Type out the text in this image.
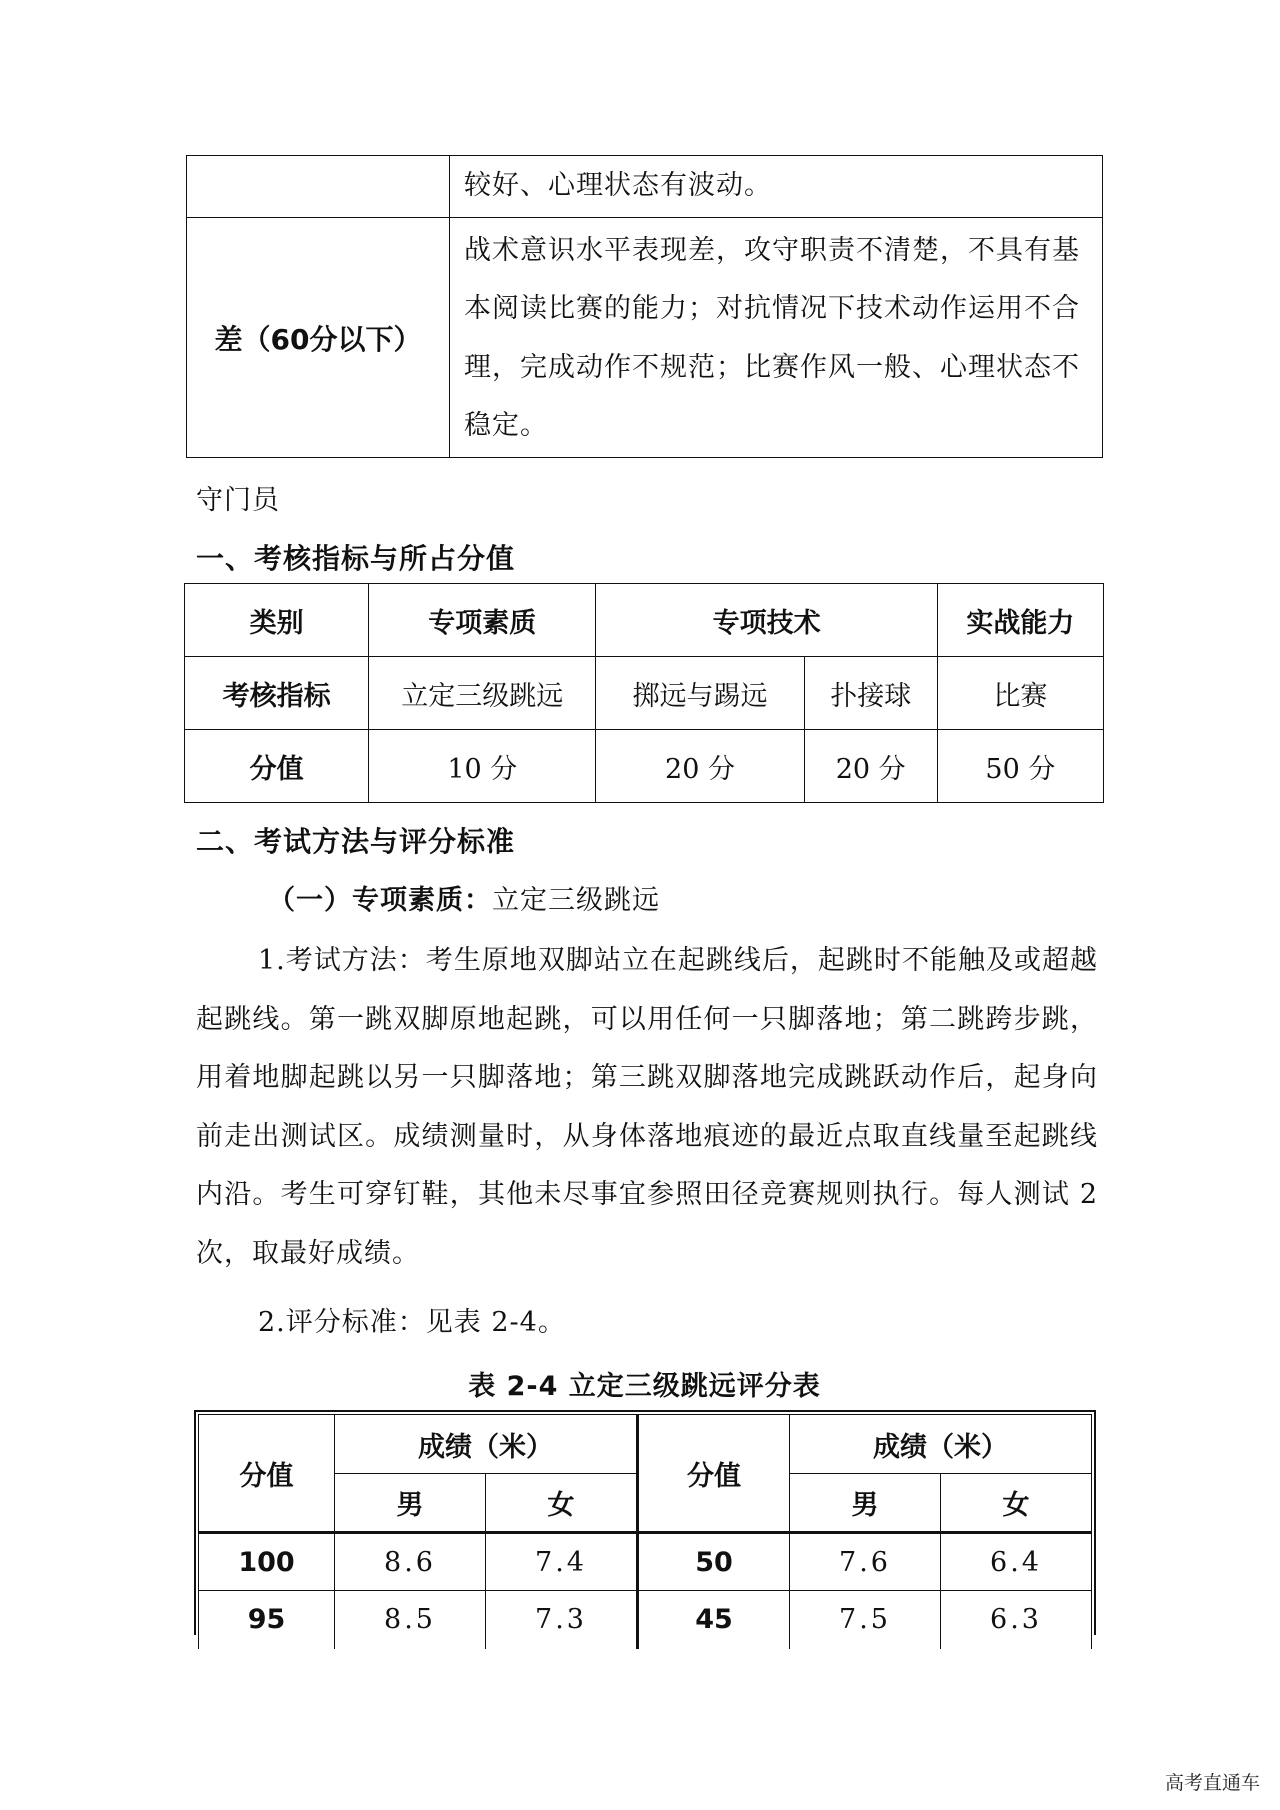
	较好、心理状态有波动。

差（60分以下）	战术意识水平表现差，攻守职责不清楚，不具有基本阅读比赛的能力；对抗情况下技术动作运用不合理，完成动作不规范；比赛作风一般、心理状态不稳定。
守门员
一、考核指标与所占分值
类别	专项素质	专项技术		实战能力
考核指标	立定三级跳远	掷远与踢远	扑接球	比赛
分值	10 分	20 分	20 分	50 分
二、考试方法与评分标准
（一）专项素质：立定三级跳远
1.考试方法：考生原地双脚站立在起跳线后，起跳时不能触及或超越起跳线。第一跳双脚原地起跳，可以用任何一只脚落地；第二跳跨步跳，用着地脚起跳以另一只脚落地；第三跳双脚落地完成跳跃动作后，起身向前走出测试区。成绩测量时，从身体落地痕迹的最近点取直线量至起跳线内沿。考生可穿钉鞋，其他未尽事宜参照田径竞赛规则执行。每人测试 2 次，取最好成绩。
2.评分标准：见表 2-4。
表 2-4 立定三级跳远评分表
分值	成绩（米）		分值	成绩（米）	
	男	女		男	女
100	8.6	7.4	50	7.6	6.4
95	8.5	7.3	45	7.5	6.3
高考直通车
